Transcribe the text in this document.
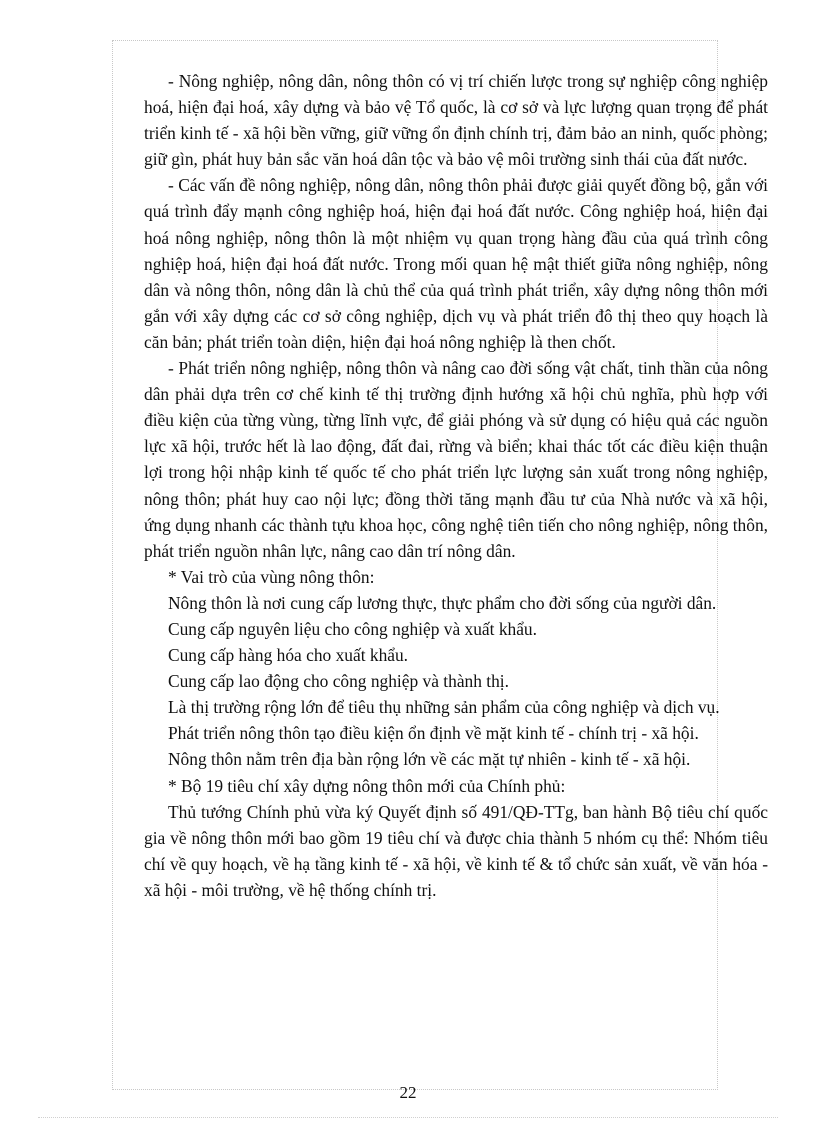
- Nông nghiệp, nông dân, nông thôn có vị trí chiến lược trong sự nghiệp công nghiệp hoá, hiện đại hoá, xây dựng và bảo vệ Tổ quốc, là cơ sở và lực lượng quan trọng để phát triển kinh tế - xã hội bền vững, giữ vững ổn định chính trị, đảm bảo an ninh, quốc phòng; giữ gìn, phát huy bản sắc văn hoá dân tộc và bảo vệ môi trường sinh thái của đất nước.

- Các vấn đề nông nghiệp, nông dân, nông thôn phải được giải quyết đồng bộ, gắn với quá trình đẩy mạnh công nghiệp hoá, hiện đại hoá đất nước. Công nghiệp hoá, hiện đại hoá nông nghiệp, nông thôn là một nhiệm vụ quan trọng hàng đầu của quá trình công nghiệp hoá, hiện đại hoá đất nước. Trong mối quan hệ mật thiết giữa nông nghiệp, nông dân và nông thôn, nông dân là chủ thể của quá trình phát triển, xây dựng nông thôn mới gắn với xây dựng các cơ sở công nghiệp, dịch vụ và phát triển đô thị theo quy hoạch là căn bản; phát triển toàn diện, hiện đại hoá nông nghiệp là then chốt.

- Phát triển nông nghiệp, nông thôn và nâng cao đời sống vật chất, tinh thần của nông dân phải dựa trên cơ chế kinh tế thị trường định hướng xã hội chủ nghĩa, phù hợp với điều kiện của từng vùng, từng lĩnh vực, để giải phóng và sử dụng có hiệu quả các nguồn lực xã hội, trước hết là lao động, đất đai, rừng và biển; khai thác tốt các điều kiện thuận lợi trong hội nhập kinh tế quốc tế cho phát triển lực lượng sản xuất trong nông nghiệp, nông thôn; phát huy cao nội lực; đồng thời tăng mạnh đầu tư của Nhà nước và xã hội, ứng dụng nhanh các thành tựu khoa học, công nghệ tiên tiến cho nông nghiệp, nông thôn, phát triển nguồn nhân lực, nâng cao dân trí nông dân.

* Vai trò của vùng nông thôn:

Nông thôn là nơi cung cấp lương thực, thực phẩm cho đời sống của người dân.

Cung cấp nguyên liệu cho công nghiệp và xuất khẩu.

Cung cấp hàng hóa cho xuất khẩu.

Cung cấp lao động cho công nghiệp và thành thị.

Là thị trường rộng lớn để tiêu thụ những sản phẩm của công nghiệp và dịch vụ.

Phát triển nông thôn tạo điều kiện ổn định về mặt kinh tế - chính trị - xã hội.

Nông thôn nằm trên địa bàn rộng lớn về các mặt tự nhiên - kinh tế - xã hội.

* Bộ 19 tiêu chí xây dựng nông thôn mới của Chính phủ:

Thủ tướng Chính phủ vừa ký Quyết định số 491/QĐ-TTg, ban hành Bộ tiêu chí quốc gia về nông thôn mới bao gồm 19 tiêu chí và được chia thành 5 nhóm cụ thể: Nhóm tiêu chí về quy hoạch, về hạ tầng kinh tế - xã hội, về kinh tế & tổ chức sản xuất, về văn hóa - xã hội - môi trường, về hệ thống chính trị.

22
